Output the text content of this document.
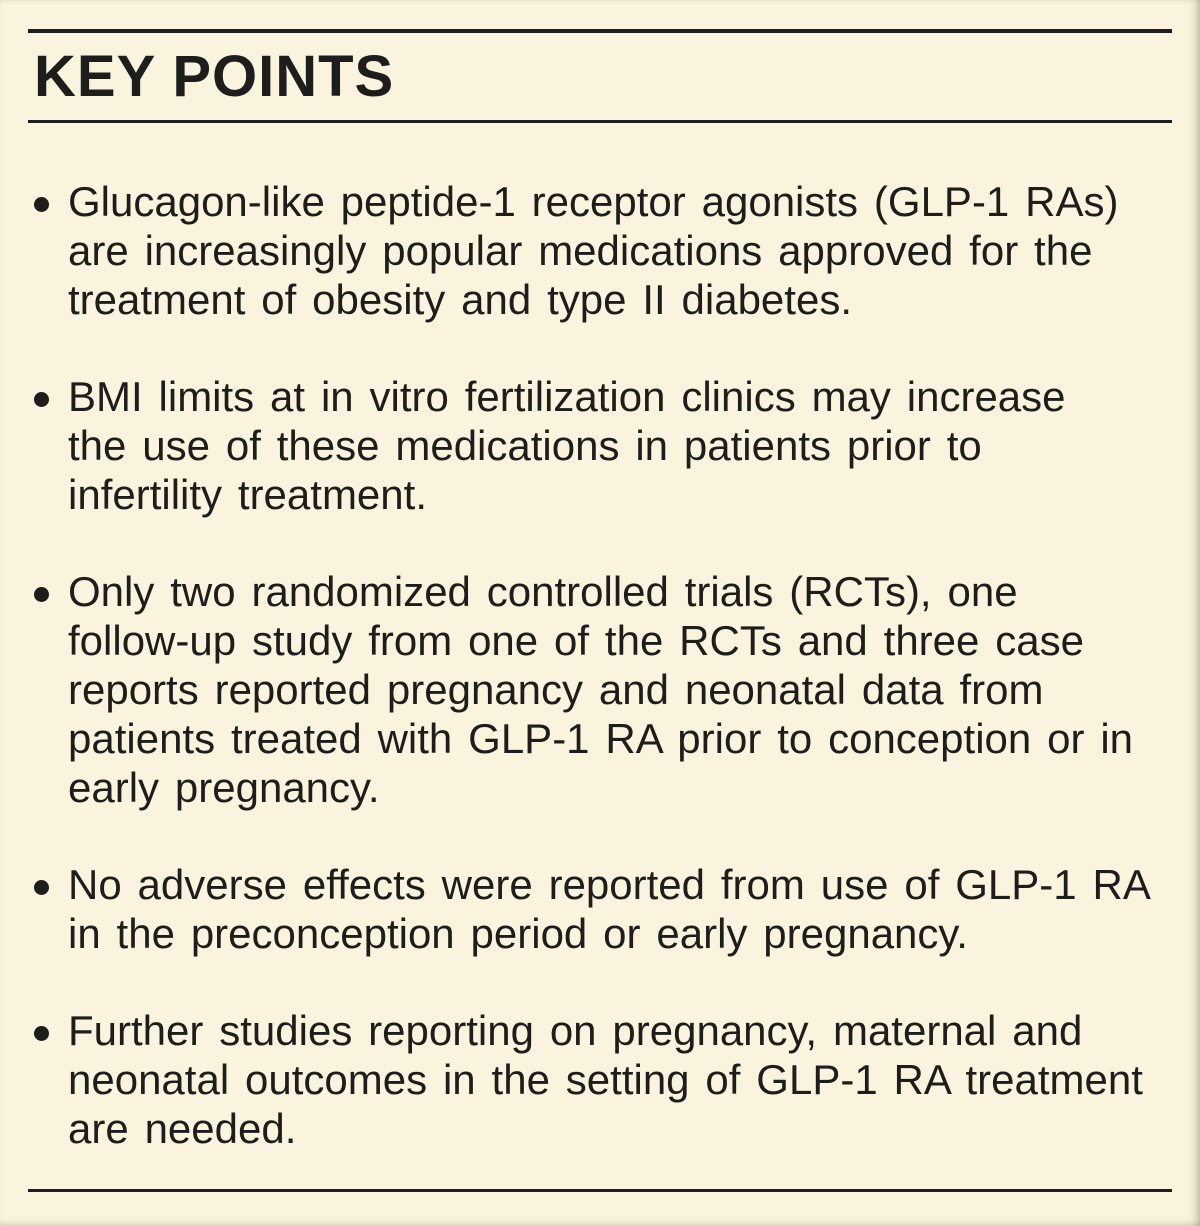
KEY POINTS
Glucagon-like peptide-1 receptor agonists (GLP-1 RAs)
are increasingly popular medications approved for the
treatment of obesity and type II diabetes.
BMI limits at in vitro fertilization clinics may increase
the use of these medications in patients prior to
infertility treatment.
Only two randomized controlled trials (RCTs), one
follow-up study from one of the RCTs and three case
reports reported pregnancy and neonatal data from
patients treated with GLP-1 RA prior to conception or in
early pregnancy.
No adverse effects were reported from use of GLP-1 RA
in the preconception period or early pregnancy.
Further studies reporting on pregnancy, maternal and
neonatal outcomes in the setting of GLP-1 RA treatment
are needed.
